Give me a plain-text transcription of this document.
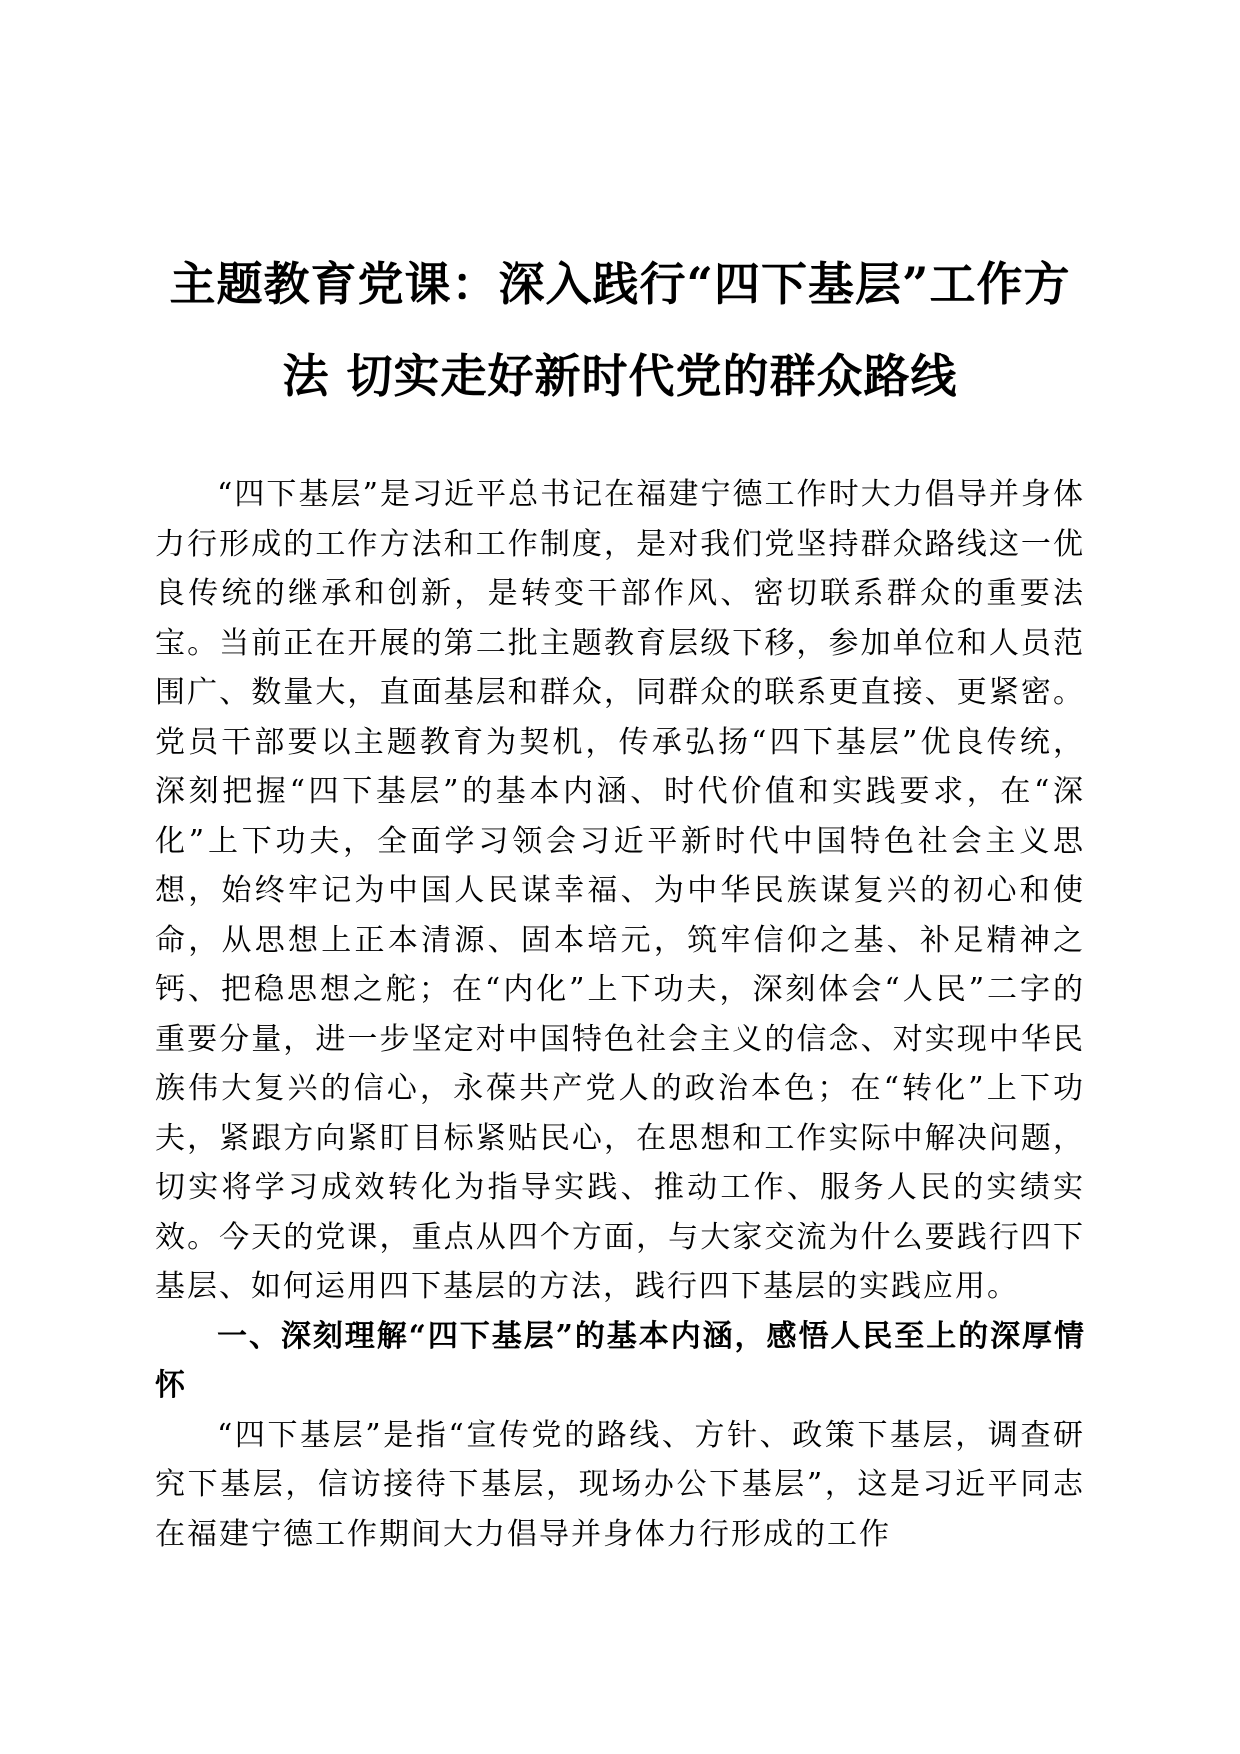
主题教育党课：深入践行“四下基层”工作方法 切实走好新时代党的群众路线

“四下基层”是习近平总书记在福建宁德工作时大力倡导并身体力行形成的工作方法和工作制度，是对我们党坚持群众路线这一优良传统的继承和创新，是转变干部作风、密切联系群众的重要法宝。当前正在开展的第二批主题教育层级下移，参加单位和人员范围广、数量大，直面基层和群众，同群众的联系更直接、更紧密。党员干部要以主题教育为契机，传承弘扬“四下基层”优良传统，深刻把握“四下基层”的基本内涵、时代价值和实践要求，在“深化”上下功夫，全面学习领会习近平新时代中国特色社会主义思想，始终牢记为中国人民谋幸福、为中华民族谋复兴的初心和使命，从思想上正本清源、固本培元，筑牢信仰之基、补足精神之钙、把稳思想之舵；在“内化”上下功夫，深刻体会“人民”二字的重要分量，进一步坚定对中国特色社会主义的信念、对实现中华民族伟大复兴的信心，永葆共产党人的政治本色；在“转化”上下功夫，紧跟方向紧盯目标紧贴民心，在思想和工作实际中解决问题，切实将学习成效转化为指导实践、推动工作、服务人民的实绩实效。今天的党课，重点从四个方面，与大家交流为什么要践行四下基层、如何运用四下基层的方法，践行四下基层的实践应用。

一、深刻理解“四下基层”的基本内涵，感悟人民至上的深厚情怀

“四下基层”是指“宣传党的路线、方针、政策下基层，调查研究下基层，信访接待下基层，现场办公下基层”，这是习近平同志在福建宁德工作期间大力倡导并身体力行形成的工作
